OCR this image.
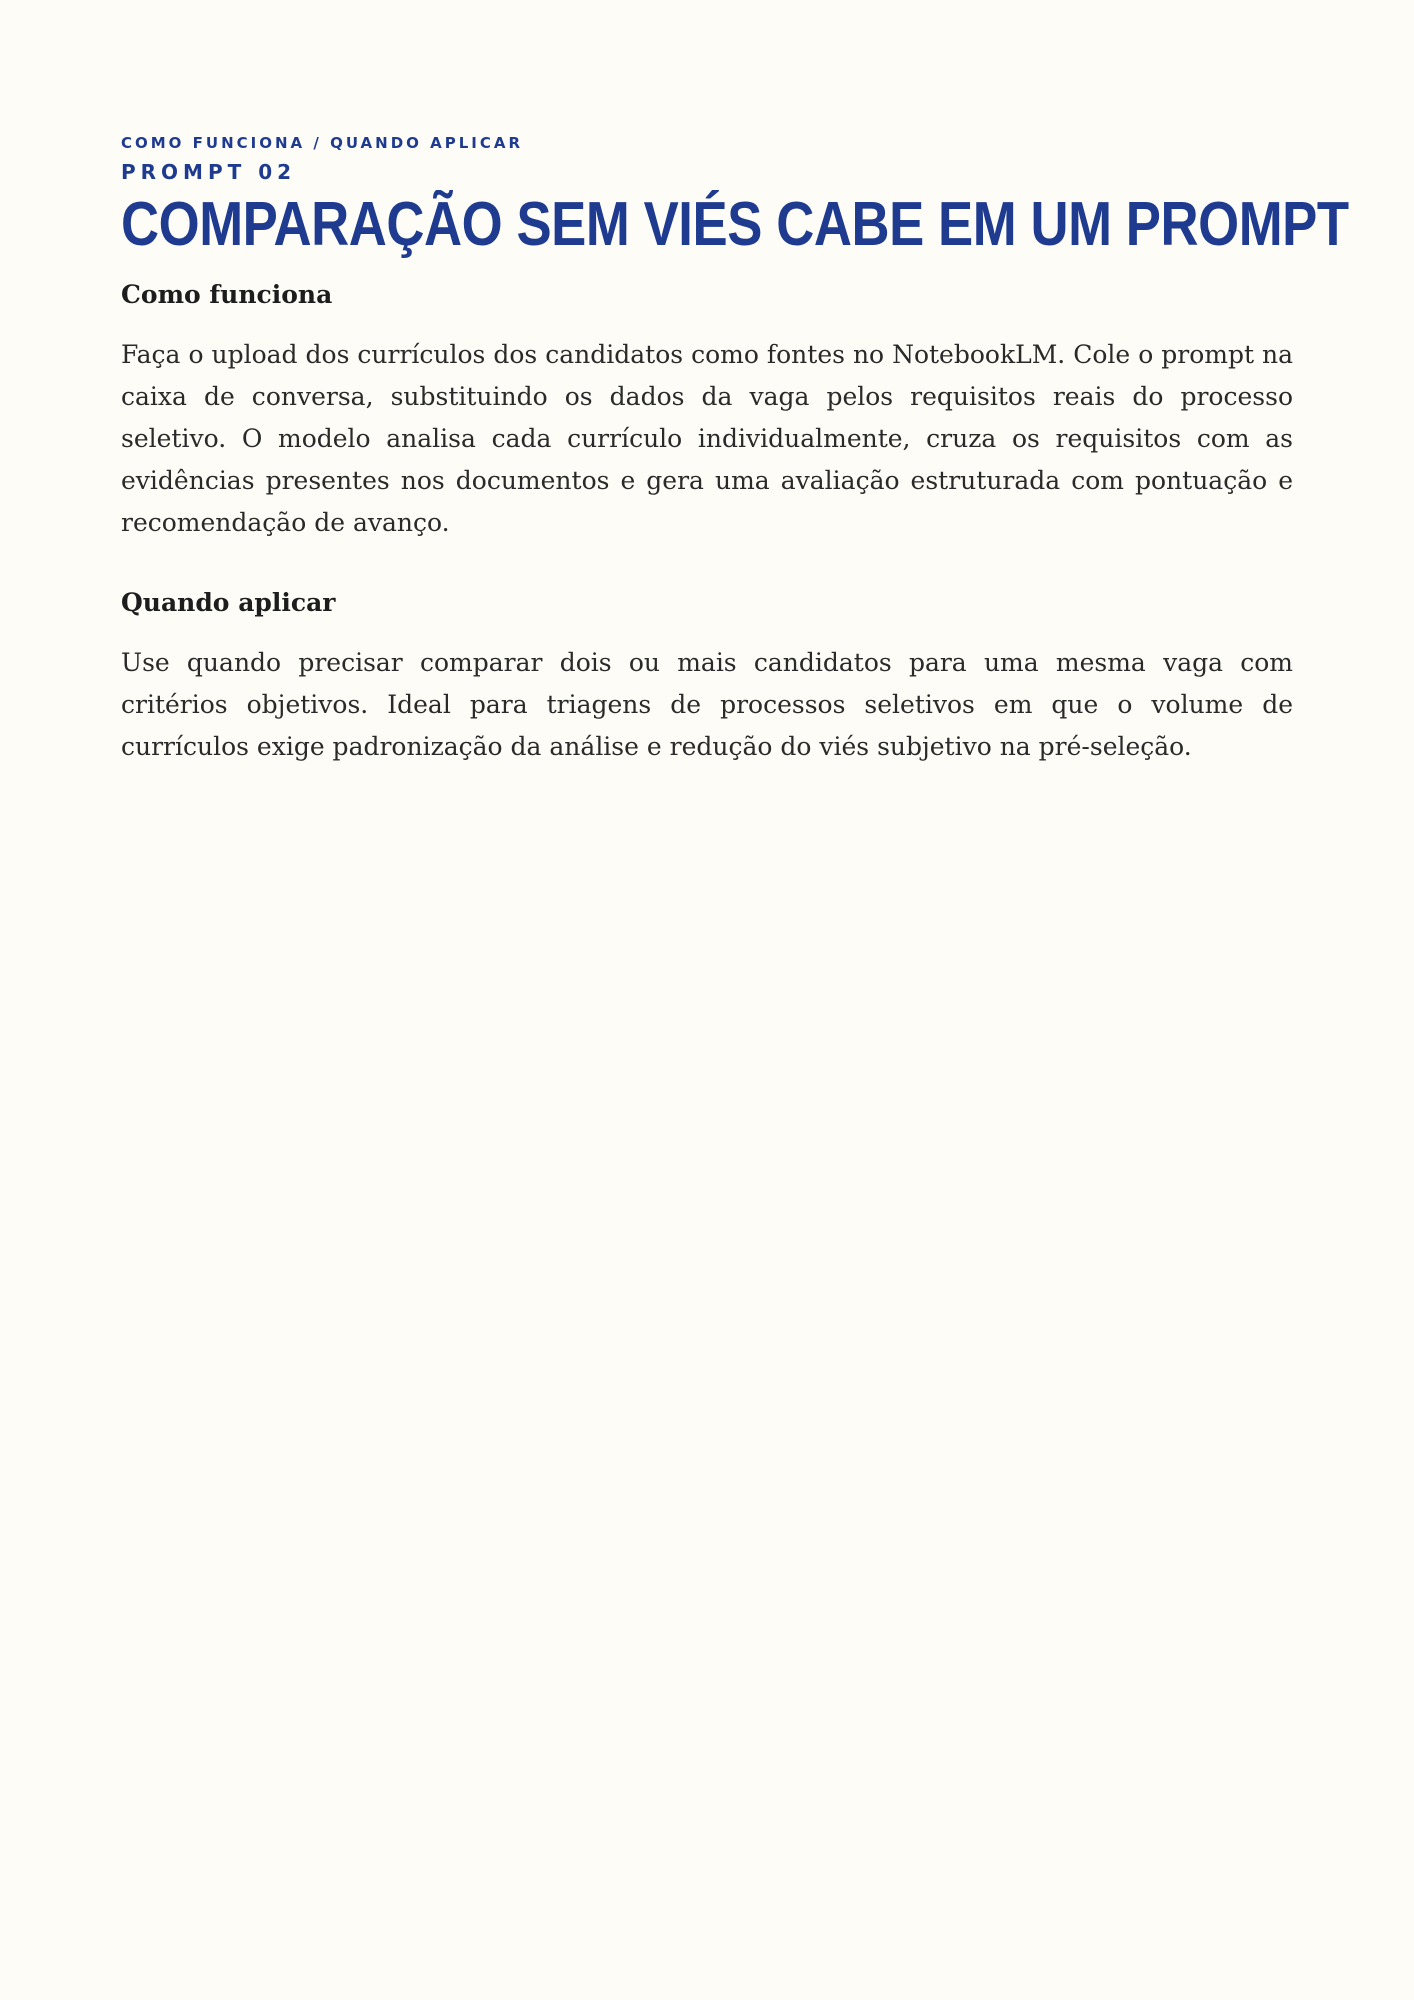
COMO FUNCIONA / QUANDO APLICAR

PROMPT 02

COMPARAÇÃO SEM VIÉS CABE EM UM PROMPT
Como funciona

Faça o upload dos currículos dos candidatos como fontes no NotebookLM. Cole o prompt na caixa de conversa, substituindo os dados da vaga pelos requisitos reais do processo seletivo. O modelo analisa cada currículo individualmente, cruza os requisitos com as evidências presentes nos documentos e gera uma avaliação estruturada com pontuação e recomendação de avanço.

Quando aplicar

Use quando precisar comparar dois ou mais candidatos para uma mesma vaga com critérios objetivos. Ideal para triagens de processos seletivos em que o volume de currículos exige padronização da análise e redução do viés subjetivo na pré-seleção.
